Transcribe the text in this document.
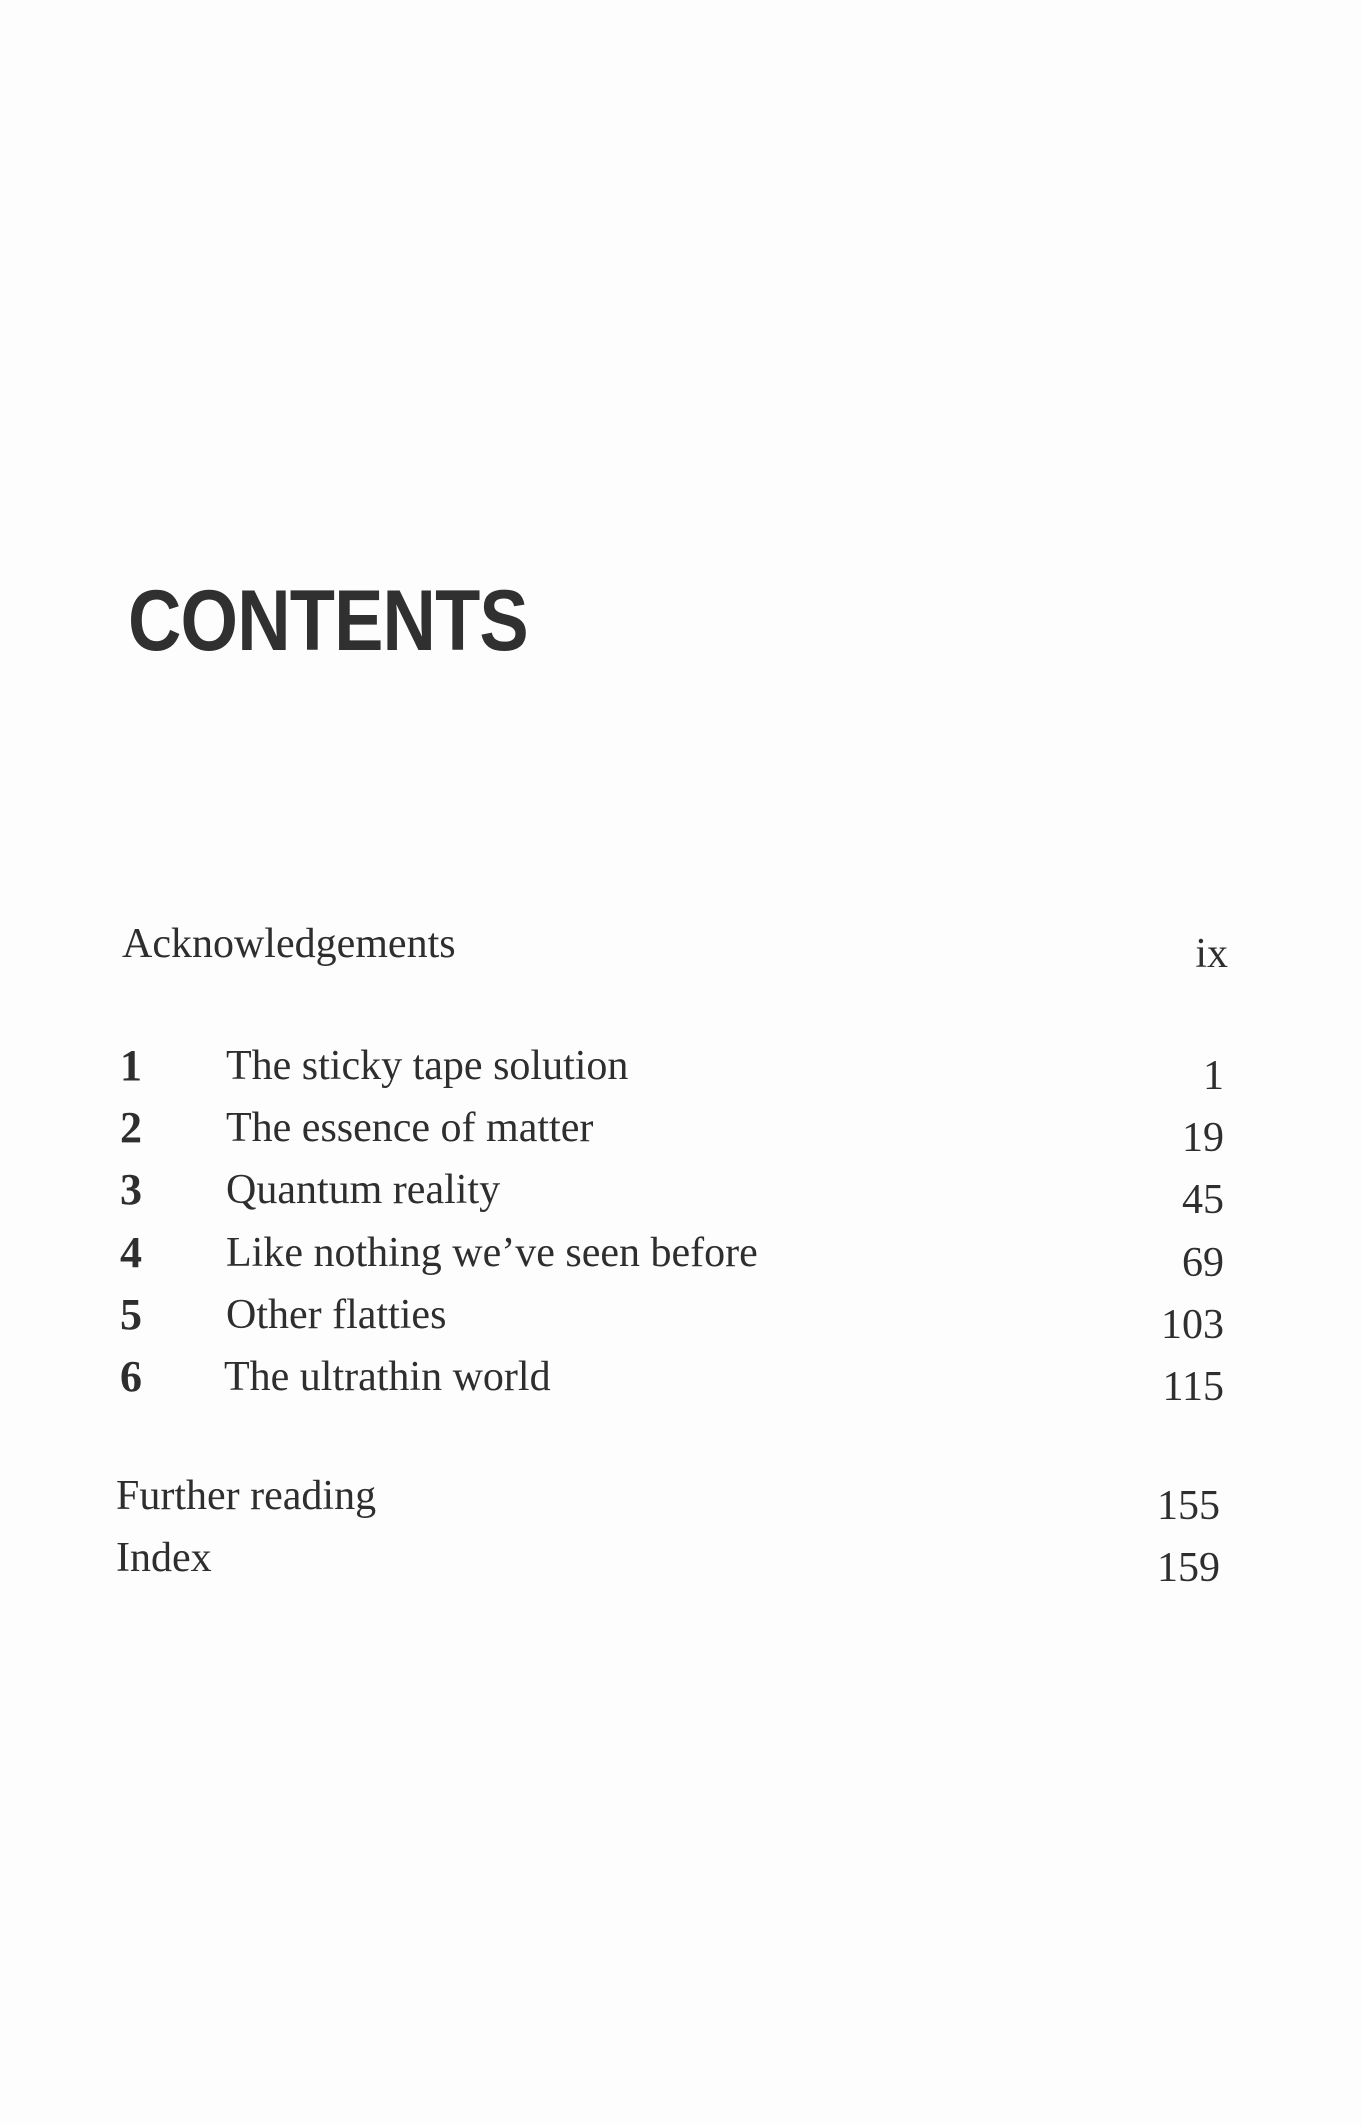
CONTENTS
Acknowledgements	ix
1 The sticky tape solution	1
2 The essence of matter	19
3 Quantum reality	45
4 Like nothing we’ve seen before	69
5 Other flatties	103
6 The ultrathin world	115
Further reading	155
Index	159
